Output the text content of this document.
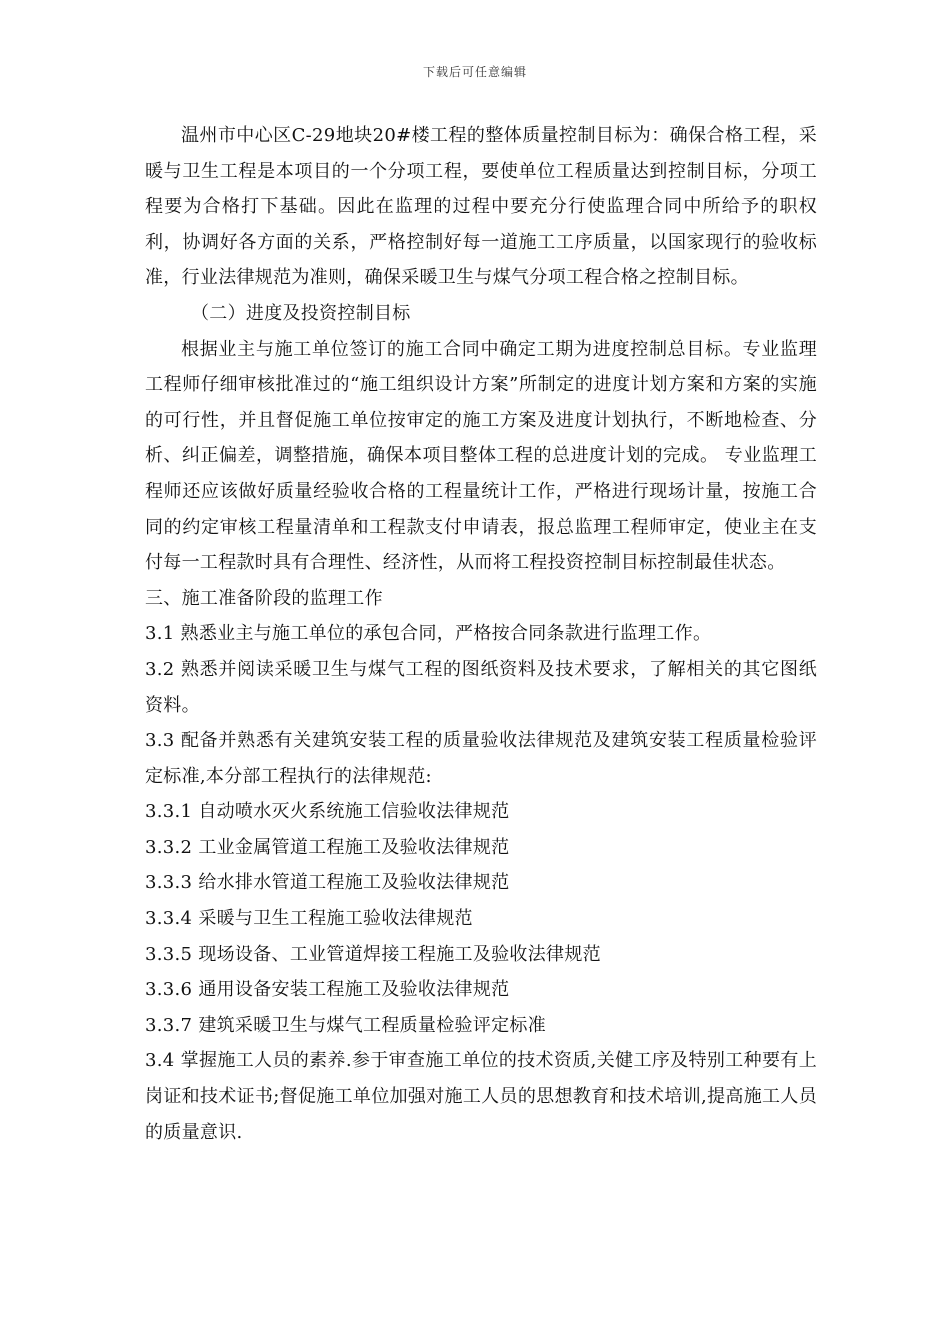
下载后可任意编辑

温州市中心区C-29地块20#楼工程的整体质量控制目标为：确保合格工程，采暖与卫生工程是本项目的一个分项工程，要使单位工程质量达到控制目标，分项工程要为合格打下基础。因此在监理的过程中要充分行使监理合同中所给予的职权利，协调好各方面的关系，严格控制好每一道施工工序质量，以国家现行的验收标准，行业法律规范为准则，确保采暖卫生与煤气分项工程合格之控制目标。

（二）进度及投资控制目标

根据业主与施工单位签订的施工合同中确定工期为进度控制总目标。专业监理工程师仔细审核批准过的“施工组织设计方案”所制定的进度计划方案和方案的实施的可行性，并且督促施工单位按审定的施工方案及进度计划执行，不断地检查、分析、纠正偏差，调整措施，确保本项目整体工程的总进度计划的完成。 专业监理工程师还应该做好质量经验收合格的工程量统计工作，严格进行现场计量，按施工合同的约定审核工程量清单和工程款支付申请表，报总监理工程师审定，使业主在支付每一工程款时具有合理性、经济性，从而将工程投资控制目标控制最佳状态。

三、施工准备阶段的监理工作

3.1 熟悉业主与施工单位的承包合同，严格按合同条款进行监理工作。

3.2 熟悉并阅读采暖卫生与煤气工程的图纸资料及技术要求，了解相关的其它图纸资料。

3.3 配备并熟悉有关建筑安装工程的质量验收法律规范及建筑安装工程质量检验评定标准,本分部工程执行的法律规范:

3.3.1 自动喷水灭火系统施工信验收法律规范

3.3.2 工业金属管道工程施工及验收法律规范

3.3.3 给水排水管道工程施工及验收法律规范

3.3.4 采暖与卫生工程施工验收法律规范

3.3.5 现场设备、工业管道焊接工程施工及验收法律规范

3.3.6 通用设备安装工程施工及验收法律规范

3.3.7 建筑采暖卫生与煤气工程质量检验评定标准

3.4 掌握施工人员的素养.参于审查施工单位的技术资质,关健工序及特别工种要有上岗证和技术证书;督促施工单位加强对施工人员的思想教育和技术培训,提高施工人员的质量意识.
